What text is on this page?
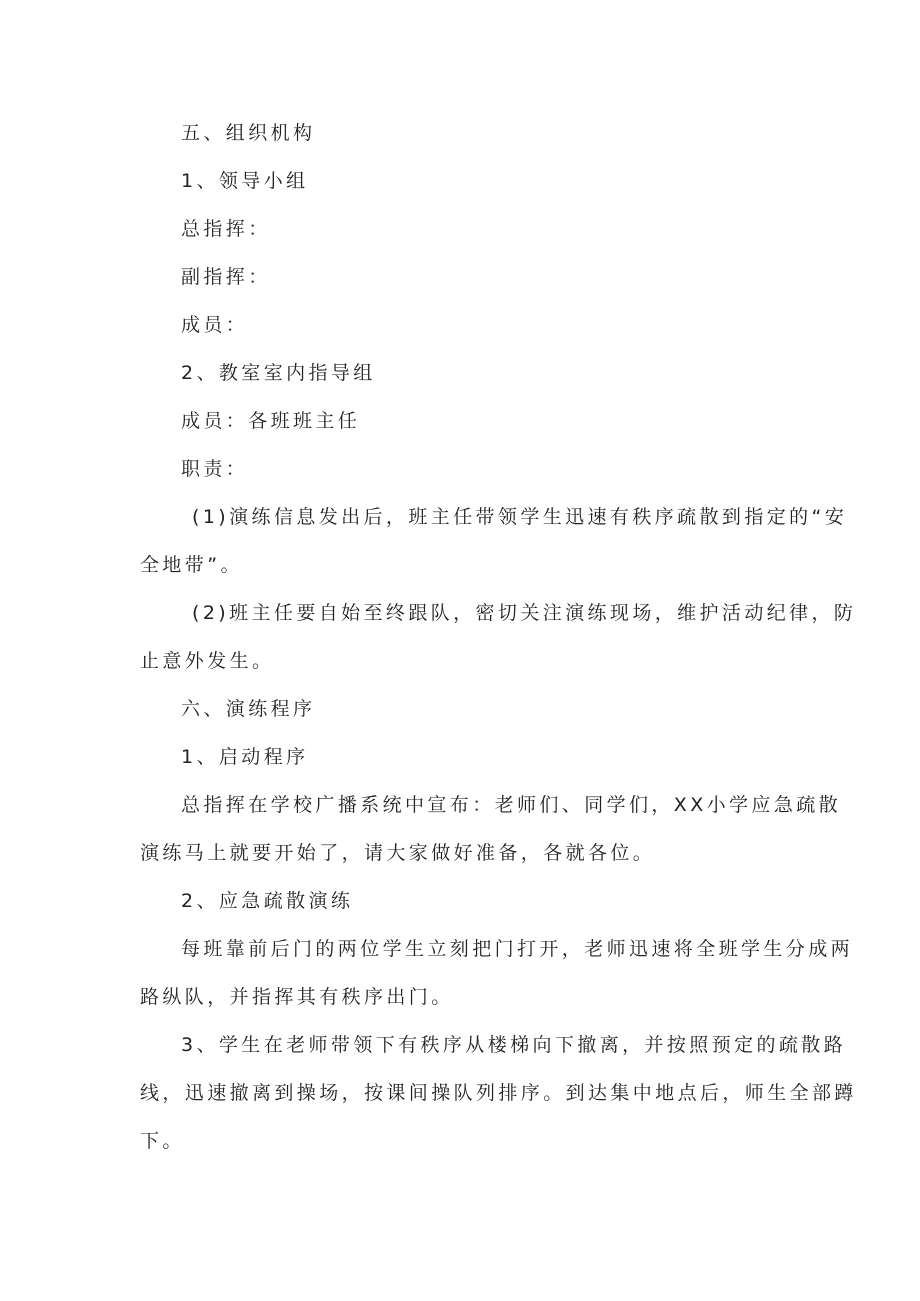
五、组织机构
1、领导小组
总指挥：
副指挥：
成员：
2、教室室内指导组
成员：各班班主任
职责：
(1)演练信息发出后，班主任带领学生迅速有秩序疏散到指定的“安
全地带”。
(2)班主任要自始至终跟队，密切关注演练现场，维护活动纪律，防
止意外发生。
六、演练程序
1、启动程序
总指挥在学校广播系统中宣布：老师们、同学们，XX小学应急疏散
演练马上就要开始了，请大家做好准备，各就各位。
2、应急疏散演练
每班靠前后门的两位学生立刻把门打开，老师迅速将全班学生分成两
路纵队，并指挥其有秩序出门。
3、学生在老师带领下有秩序从楼梯向下撤离，并按照预定的疏散路
线，迅速撤离到操场，按课间操队列排序。到达集中地点后，师生全部蹲
下。
